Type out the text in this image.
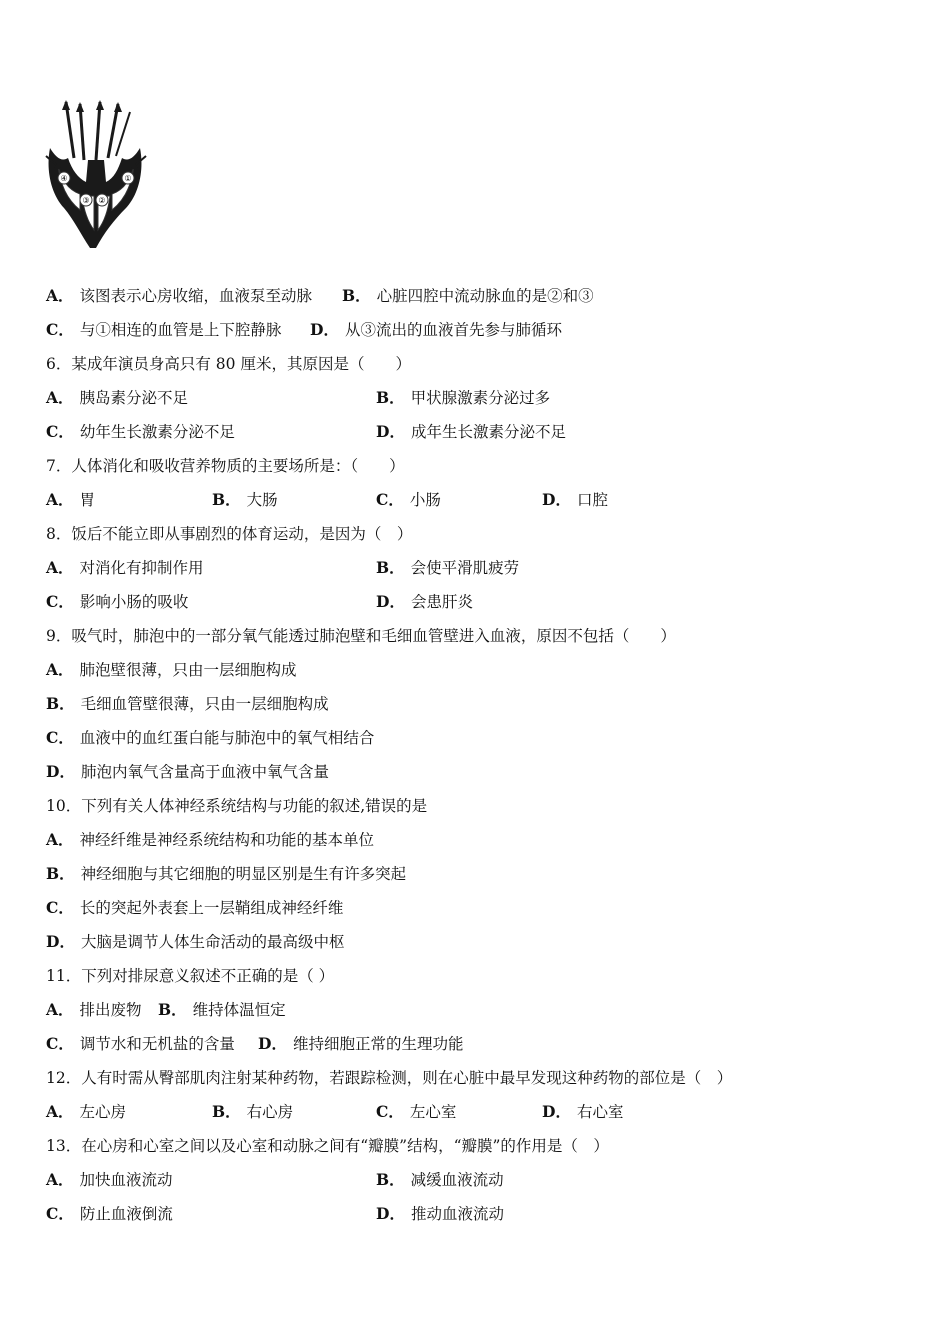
④
③ ②
①
A． 该图表示心房收缩，血液泵至动脉 B． 心脏四腔中流动脉血的是②和③
C． 与①相连的血管是上下腔静脉 D． 从③流出的血液首先参与肺循环
6．某成年演员身高只有 80 厘米，其原因是（　　）
A． 胰岛素分泌不足	B． 甲状腺激素分泌过多
C． 幼年生长激素分泌不足	D． 成年生长激素分泌不足
7．人体消化和吸收营养物质的主要场所是：（　　）
A． 胃	B． 大肠	C． 小肠	D． 口腔
8．饭后不能立即从事剧烈的体育运动，是因为（　）
A． 对消化有抑制作用	B． 会使平滑肌疲劳
C． 影响小肠的吸收	D． 会患肝炎
9．吸气时，肺泡中的一部分氧气能透过肺泡壁和毛细血管壁进入血液，原因不包括（　　）
A． 肺泡壁很薄，只由一层细胞构成
B． 毛细血管壁很薄，只由一层细胞构成
C． 血液中的血红蛋白能与肺泡中的氧气相结合
D． 肺泡内氧气含量高于血液中氧气含量
10．下列有关人体神经系统结构与功能的叙述,错误的是
A． 神经纤维是神经系统结构和功能的基本单位
B． 神经细胞与其它细胞的明显区别是生有许多突起
C． 长的突起外表套上一层鞘组成神经纤维
D． 大脑是调节人体生命活动的最高级中枢
11．下列对排尿意义叙述不正确的是（ ）
A． 排出废物 B． 维持体温恒定
C． 调节水和无机盐的含量 D． 维持细胞正常的生理功能
12．人有时需从臀部肌肉注射某种药物，若跟踪检测，则在心脏中最早发现这种药物的部位是（　）
A． 左心房	B． 右心房	C． 左心室	D． 右心室
13．在心房和心室之间以及心室和动脉之间有“瓣膜”结构，“瓣膜”的作用是（　）
A． 加快血液流动	B． 减缓血液流动
C． 防止血液倒流	D． 推动血液流动
